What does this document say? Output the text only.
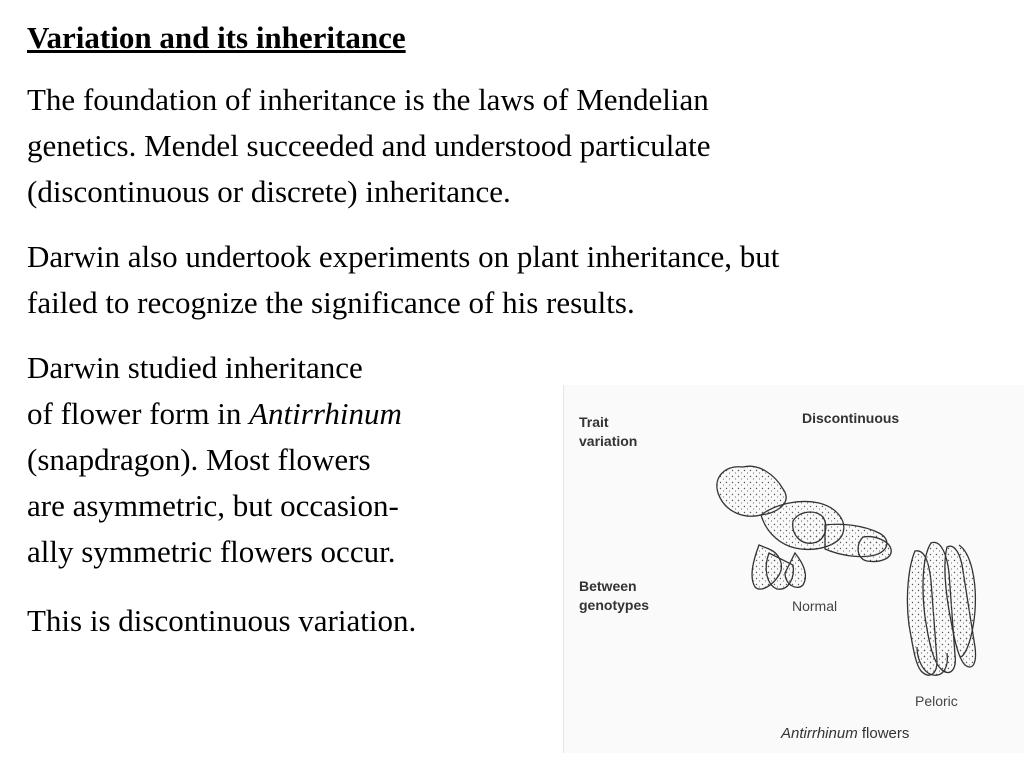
Variation and its inheritance

The foundation of inheritance is the laws of Mendelian
genetics. Mendel succeeded and understood particulate
(discontinuous or discrete) inheritance.

Darwin also undertook experiments on plant inheritance, but
failed to recognize the significance of his results.

Darwin studied inheritance
of flower form in Antirrhinum
(snapdragon). Most flowers
are asymmetric, but occasion-
ally symmetric flowers occur.

This is discontinuous variation.

Trait
variation
Between
genotypes
Discontinuous
Normal
Peloric
Antirrhinum flowers
